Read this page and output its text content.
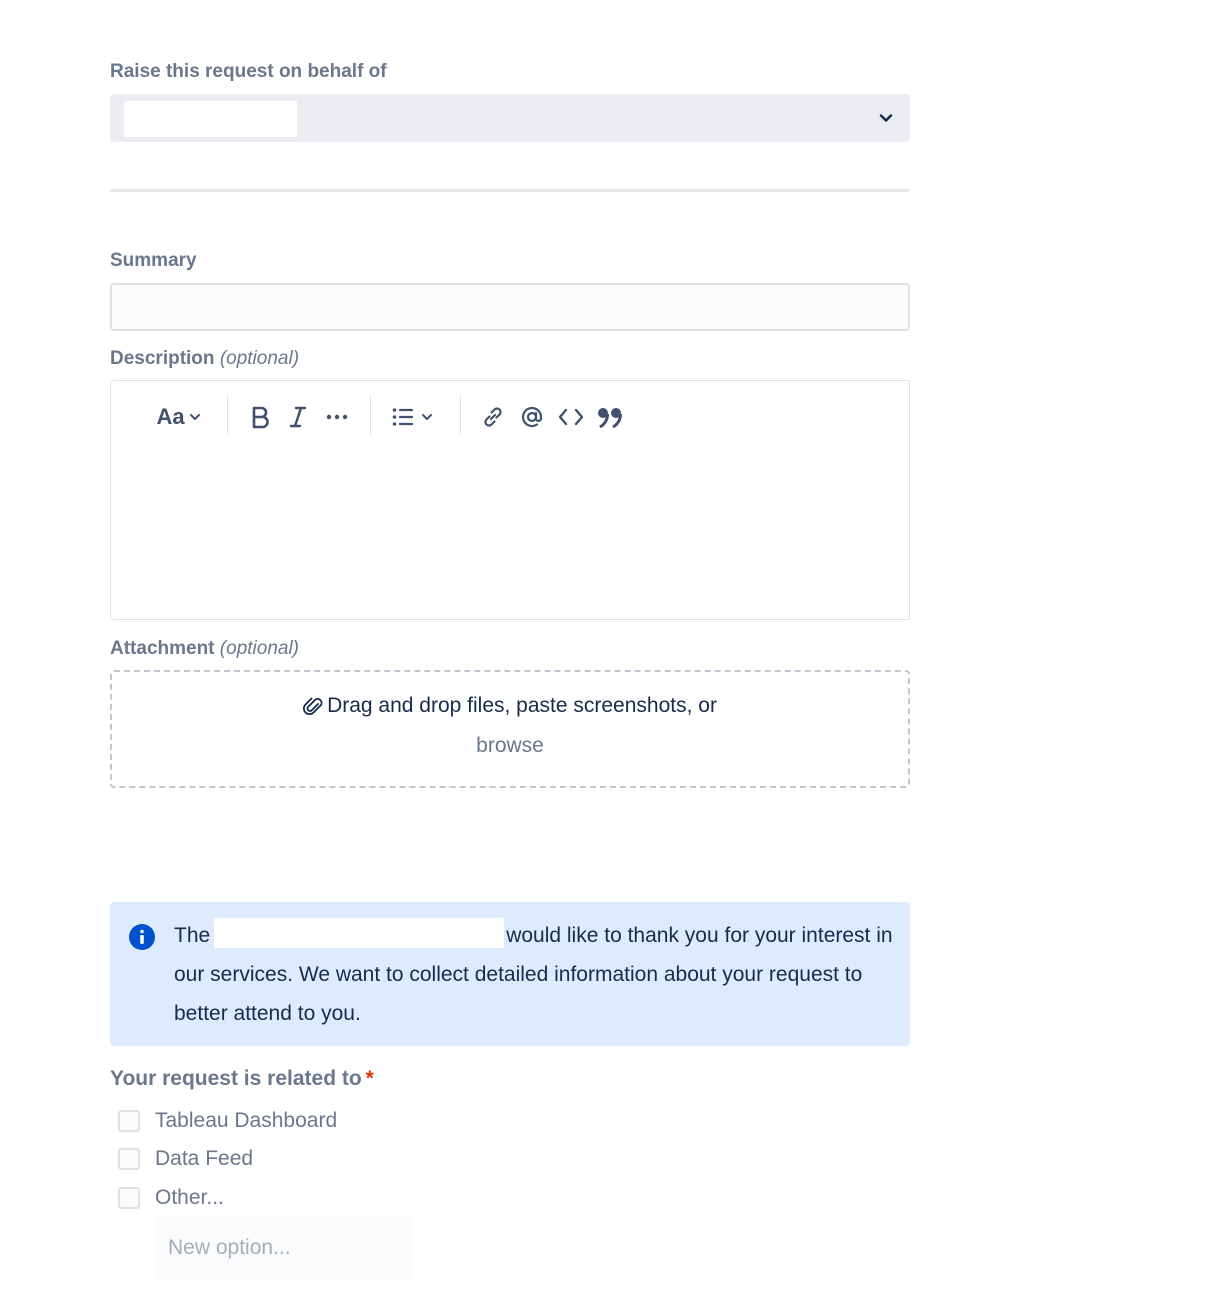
Raise this request on behalf of
Summary
Description (optional)
Aa
Attachment (optional)
Drag and drop files, paste screenshots, or
browse
The	would like to thank you for your interest in our services. We want to collect detailed information about your request to better attend to you.
Your request is related to *
Tableau Dashboard
Data Feed
Other...
New option...
